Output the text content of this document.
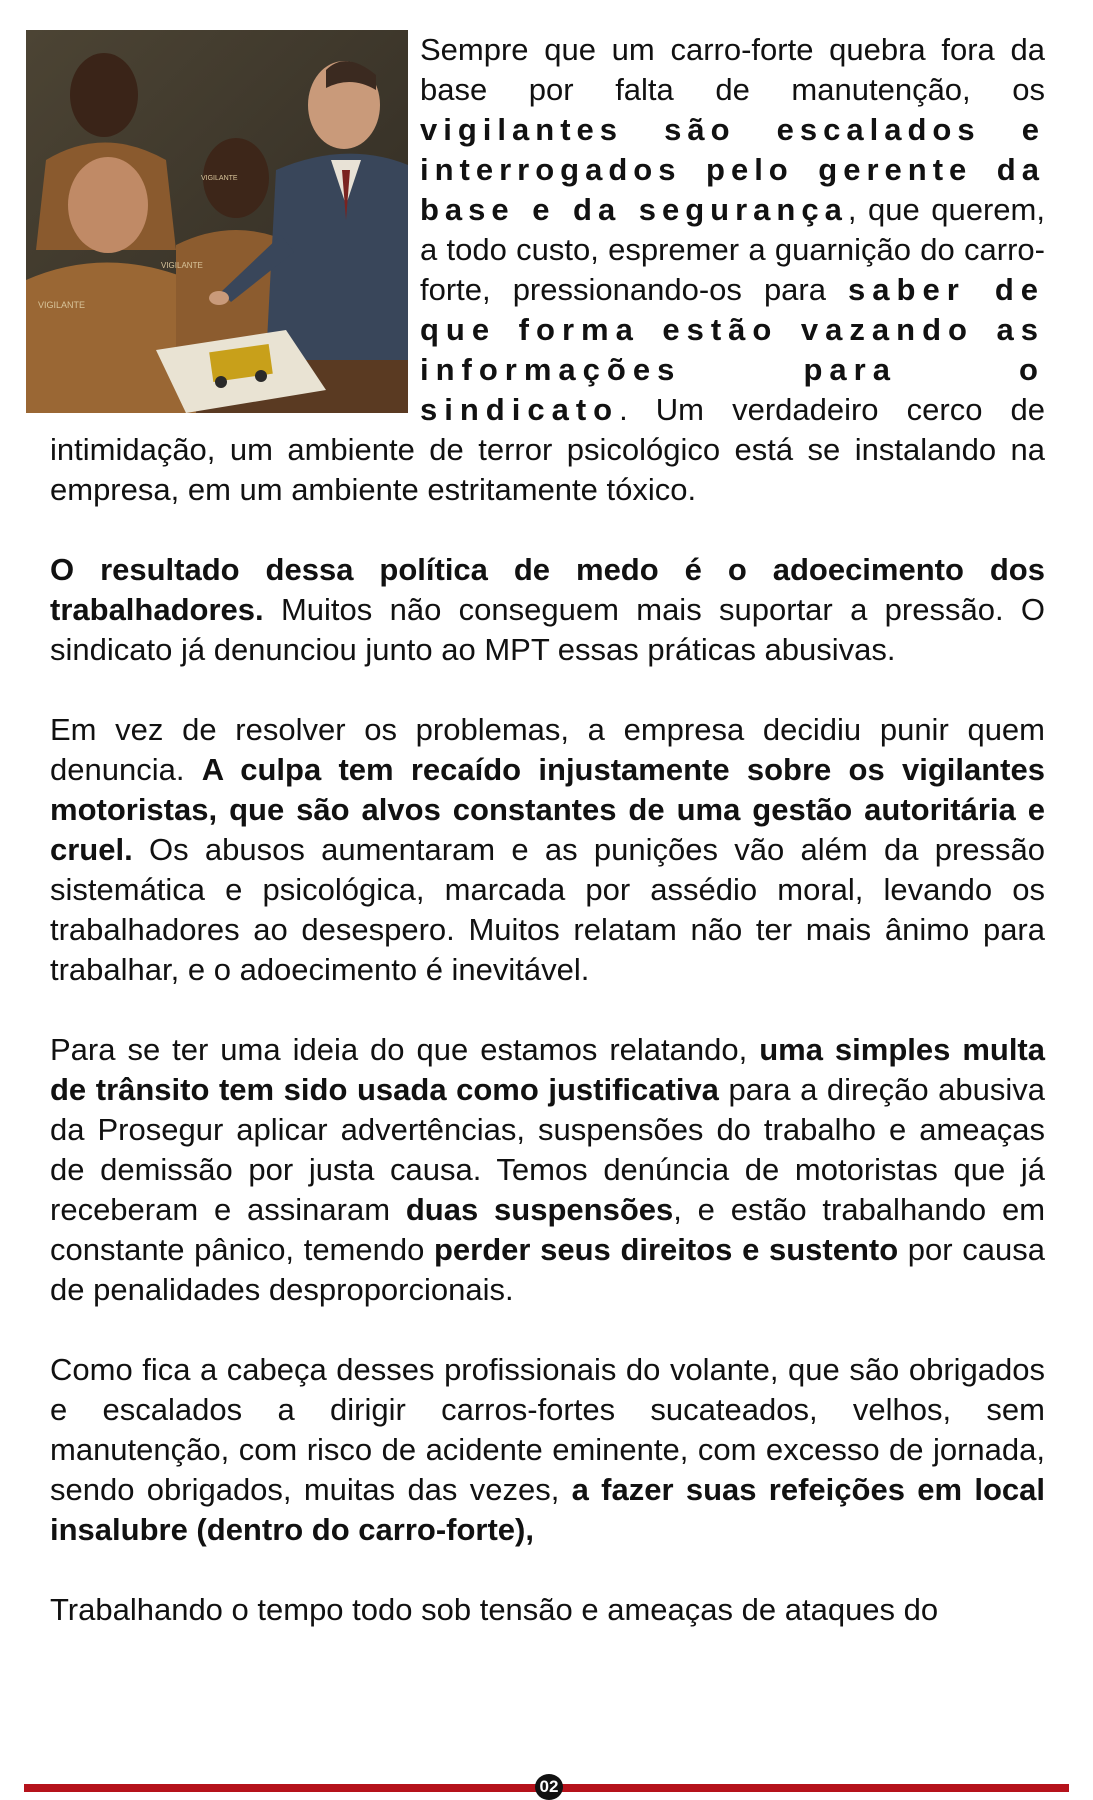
VIGILANTE
VIGILANTE
VIGILANTE
Sempre que um carro-forte quebra fora da base por falta de manutenção, os vigilantes são escalados e interrogados pelo gerente da base e da segurança, que querem, a todo custo, espremer a guarnição do carro-forte, pressionando-os para saber de que forma estão vazando as informações para o sindicato. Um verdadeiro cerco de intimidação, um ambiente de terror psicológico está se instalando na empresa, em um ambiente estritamente tóxico.

O resultado dessa política de medo é o adoecimento dos trabalhadores. Muitos não conseguem mais suportar a pressão. O sindicato já denunciou junto ao MPT essas práticas abusivas.

Em vez de resolver os problemas, a empresa decidiu punir quem denuncia. A culpa tem recaído injustamente sobre os vigilantes motoristas, que são alvos constantes de uma gestão autoritária e cruel. Os abusos aumentaram e as punições vão além da pressão sistemática e psicológica, marcada por assédio moral, levando os trabalhadores ao desespero. Muitos relatam não ter mais ânimo para trabalhar, e o adoecimento é inevitável.

Para se ter uma ideia do que estamos relatando, uma simples multa de trânsito tem sido usada como justificativa para a direção abusiva da Prosegur aplicar advertências, suspensões do trabalho e ameaças de demissão por justa causa. Temos denúncia de motoristas que já receberam e assinaram duas suspensões, e estão trabalhando em constante pânico, temendo perder seus direitos e sustento por causa de penalidades desproporcionais.

Como fica a cabeça desses profissionais do volante, que são obrigados e escalados a dirigir carros-fortes sucateados, velhos, sem manutenção, com risco de acidente eminente, com excesso de jornada, sendo obrigados, muitas das vezes, a fazer suas refeições em local insalubre (dentro do carro-forte),

Trabalhando o tempo todo sob tensão e ameaças de ataques do

02
